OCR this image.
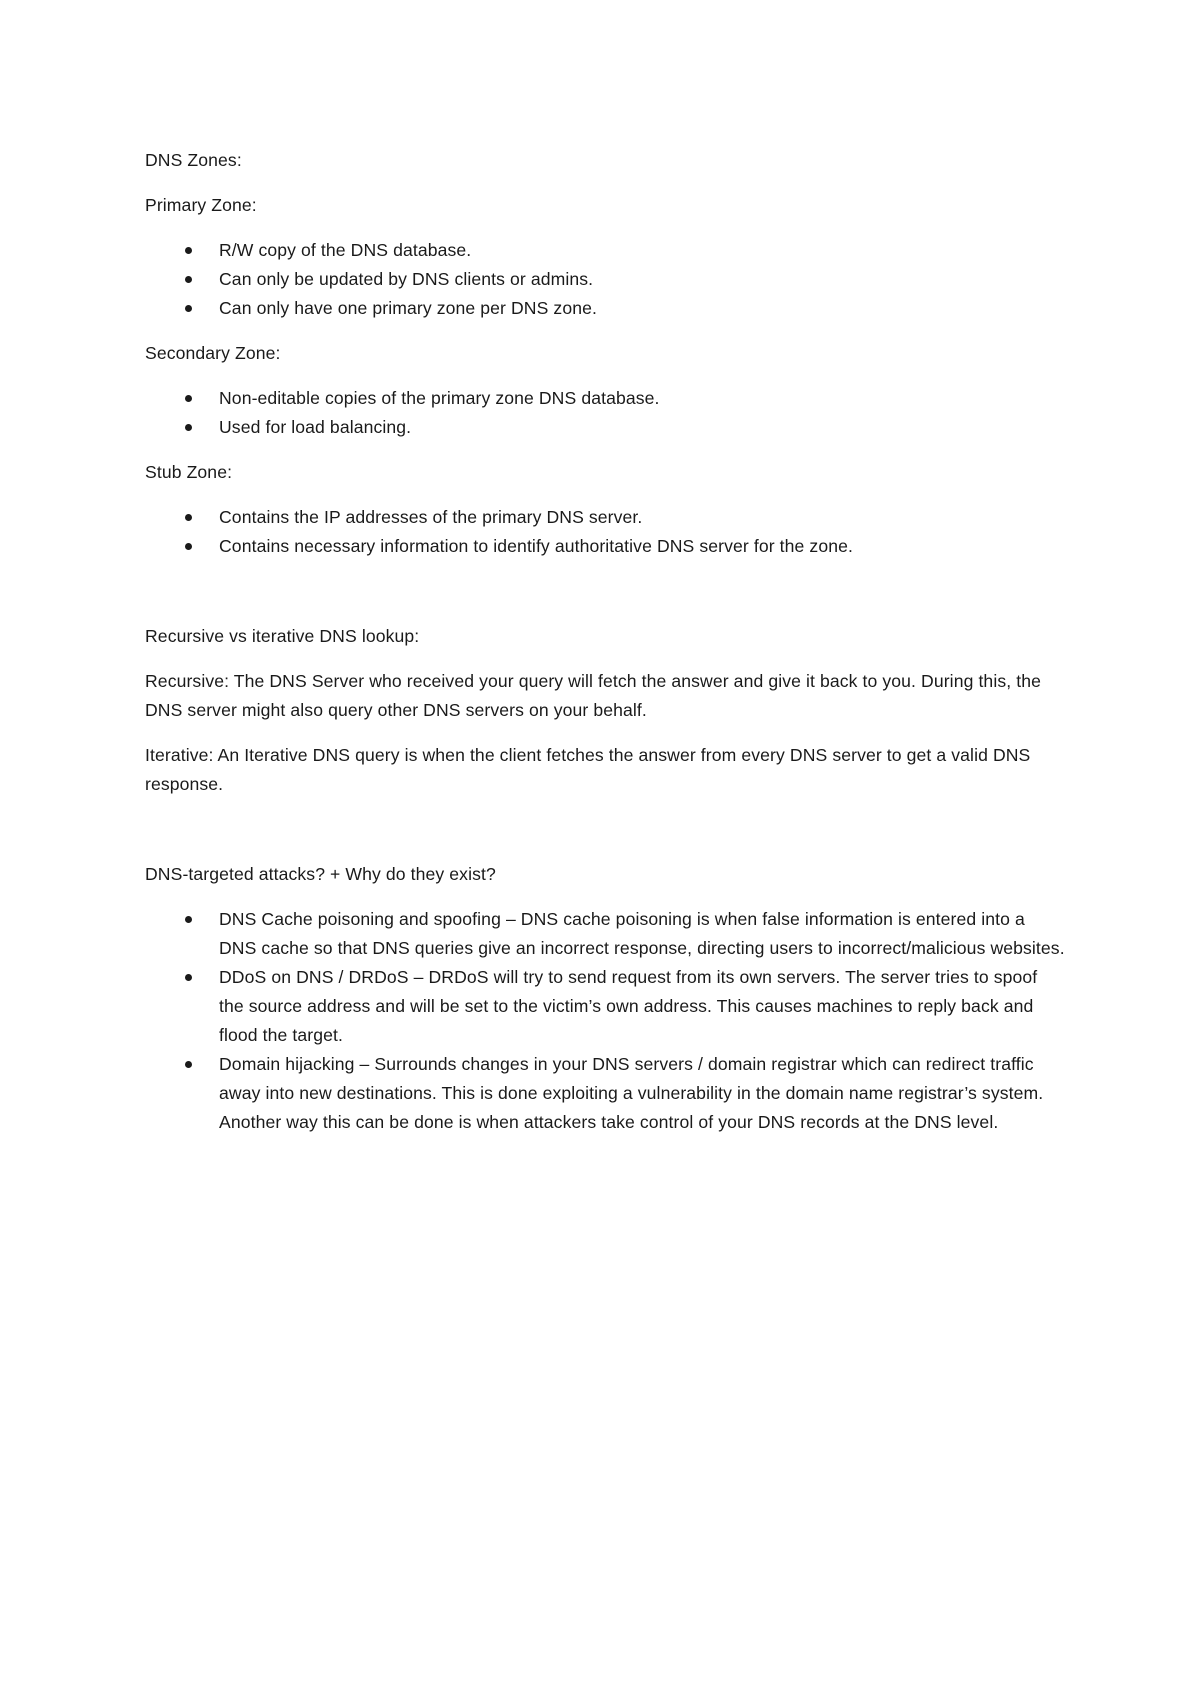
DNS Zones:

Primary Zone:

R/W copy of the DNS database.
Can only be updated by DNS clients or admins.
Can only have one primary zone per DNS zone.

Secondary Zone:

Non-editable copies of the primary zone DNS database.
Used for load balancing.

Stub Zone:

Contains the IP addresses of the primary DNS server.
Contains necessary information to identify authoritative DNS server for the zone.

Recursive vs iterative DNS lookup:

Recursive: The DNS Server who received your query will fetch the answer and give it back to you. During this, the DNS server might also query other DNS servers on your behalf.

Iterative: An Iterative DNS query is when the client fetches the answer from every DNS server to get a valid DNS response.

DNS-targeted attacks? + Why do they exist?

DNS Cache poisoning and spoofing – DNS cache poisoning is when false information is entered into a DNS cache so that DNS queries give an incorrect response, directing users to incorrect/malicious websites.
DDoS on DNS / DRDoS – DRDoS will try to send request from its own servers. The server tries to spoof the source address and will be set to the victim’s own address. This causes machines to reply back and flood the target.
Domain hijacking – Surrounds changes in your DNS servers / domain registrar which can redirect traffic away into new destinations. This is done exploiting a vulnerability in the domain name registrar’s system. Another way this can be done is when attackers take control of your DNS records at the DNS level.
